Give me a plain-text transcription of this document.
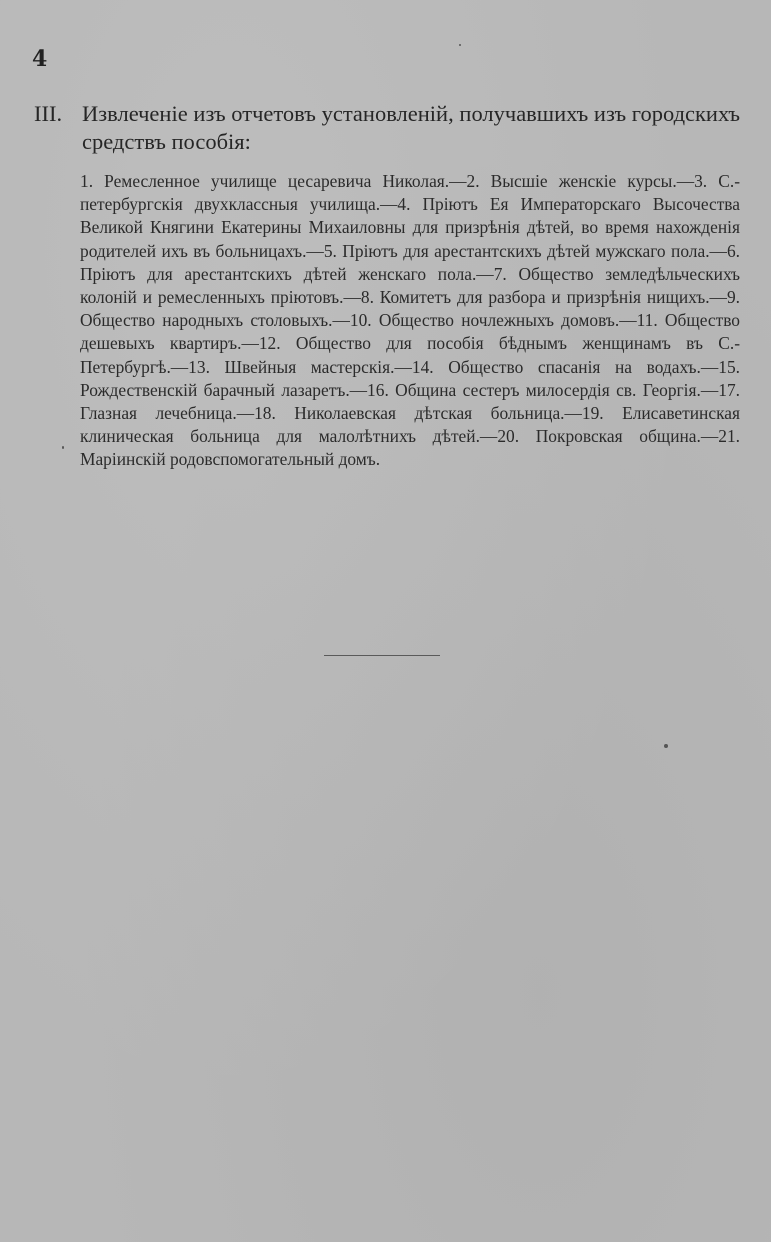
4
III. Извлеченіе изъ отчетовъ установленій, получавшихъ изъ городскихъ средствъ пособія:
1. Ремесленное училище цесаревича Николая.—2. Высшіе женскіе курсы.—3. С.-петербургскія двухклассныя училища.—4. Пріютъ Ея Императорскаго Высочества Великой Княгини Екатерины Михаиловны для призрѣнія дѣтей, во время нахожденія родителей ихъ въ больницахъ.—5. Пріютъ для арестантскихъ дѣтей мужскаго пола.—6. Пріютъ для арестантскихъ дѣтей женскаго пола.—7. Общество земледѣльческихъ колоній и ремесленныхъ пріютовъ.—8. Комитетъ для разбора и призрѣнія нищихъ.—9. Общество народныхъ столовыхъ.—10. Общество ночлежныхъ домовъ.—11. Общество дешевыхъ квартиръ.—12. Общество для пособія бѣднымъ женщинамъ въ С.-Петербургѣ.—13. Швейныя мастерскія.—14. Общество спасанія на водахъ.—15. Рождественскій барачный лазаретъ.—16. Община сестеръ милосердія св. Георгія.—17. Глазная лечебница.—18. Николаевская дѣтская больница.—19. Елисаветинская клиническая больница для малолѣтнихъ дѣтей.—20. Покровская община.—21. Маріинскій родовспомогательный домъ.
